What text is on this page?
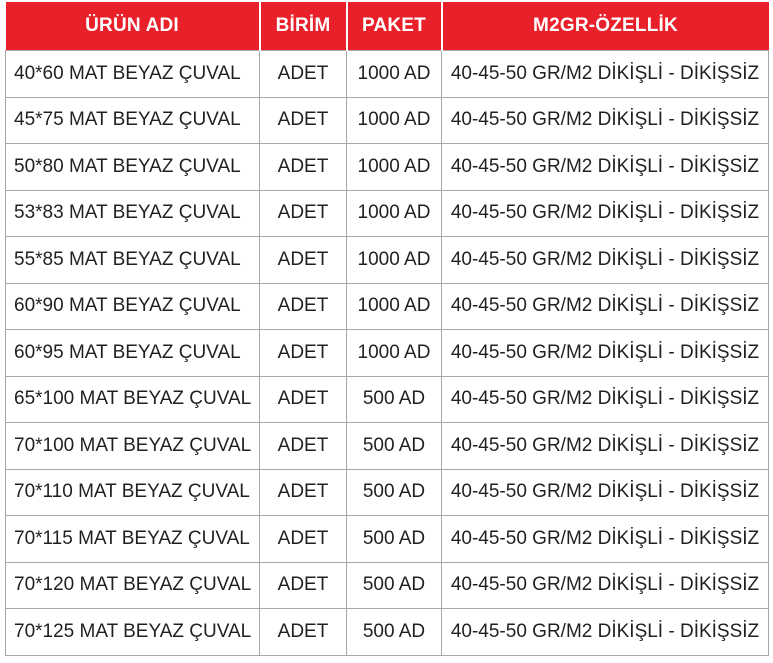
ÜRÜN ADI	BİRİM	PAKET	M2GR-ÖZELLİK
40*60 MAT BEYAZ ÇUVAL	ADET	1000 AD	40-45-50 GR/M2 DİKİŞLİ - DİKİŞSİZ
45*75 MAT BEYAZ ÇUVAL	ADET	1000 AD	40-45-50 GR/M2 DİKİŞLİ - DİKİŞSİZ
50*80 MAT BEYAZ ÇUVAL	ADET	1000 AD	40-45-50 GR/M2 DİKİŞLİ - DİKİŞSİZ
53*83 MAT BEYAZ ÇUVAL	ADET	1000 AD	40-45-50 GR/M2 DİKİŞLİ - DİKİŞSİZ
55*85 MAT BEYAZ ÇUVAL	ADET	1000 AD	40-45-50 GR/M2 DİKİŞLİ - DİKİŞSİZ
60*90 MAT BEYAZ ÇUVAL	ADET	1000 AD	40-45-50 GR/M2 DİKİŞLİ - DİKİŞSİZ
60*95 MAT BEYAZ ÇUVAL	ADET	1000 AD	40-45-50 GR/M2 DİKİŞLİ - DİKİŞSİZ
65*100 MAT BEYAZ ÇUVAL	ADET	500 AD	40-45-50 GR/M2 DİKİŞLİ - DİKİŞSİZ
70*100 MAT BEYAZ ÇUVAL	ADET	500 AD	40-45-50 GR/M2 DİKİŞLİ - DİKİŞSİZ
70*110 MAT BEYAZ ÇUVAL	ADET	500 AD	40-45-50 GR/M2 DİKİŞLİ - DİKİŞSİZ
70*115 MAT BEYAZ ÇUVAL	ADET	500 AD	40-45-50 GR/M2 DİKİŞLİ - DİKİŞSİZ
70*120 MAT BEYAZ ÇUVAL	ADET	500 AD	40-45-50 GR/M2 DİKİŞLİ - DİKİŞSİZ
70*125 MAT BEYAZ ÇUVAL	ADET	500 AD	40-45-50 GR/M2 DİKİŞLİ - DİKİŞSİZ
